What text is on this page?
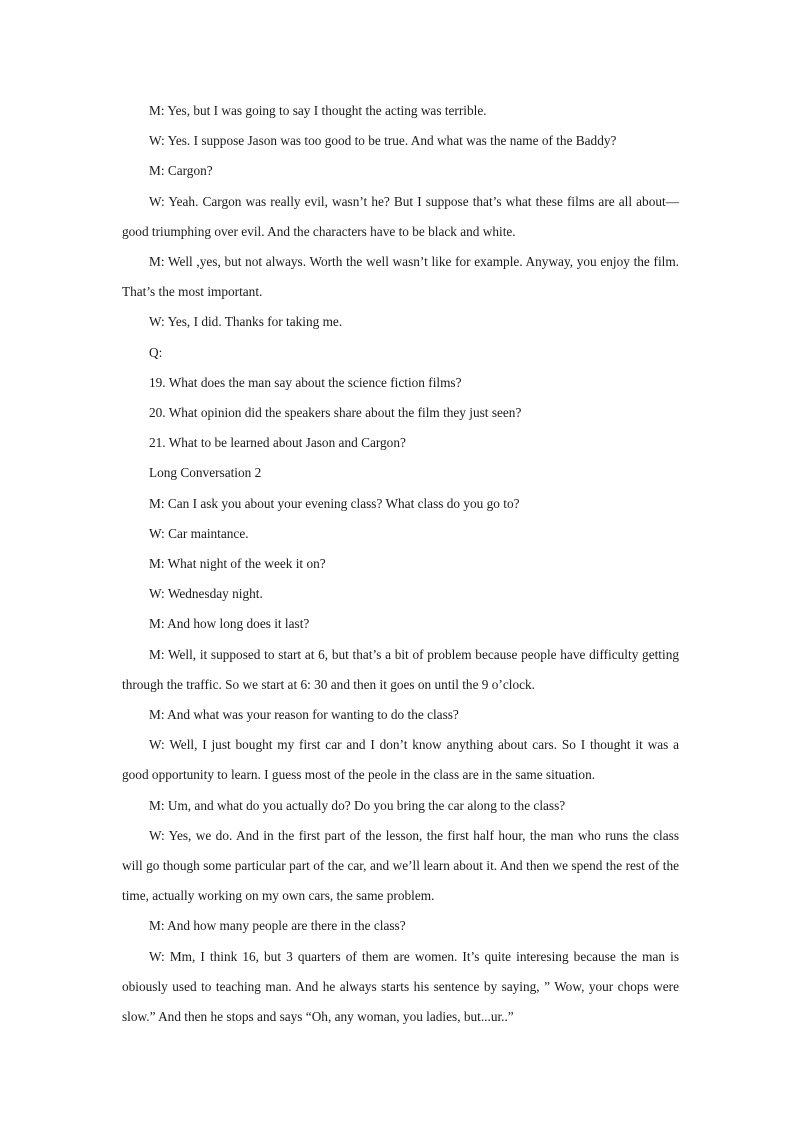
M: Yes, but I was going to say I thought the acting was terrible.

W: Yes. I suppose Jason was too good to be true. And what was the name of the Baddy?

M: Cargon?

W: Yeah. Cargon was really evil, wasn’t he? But I suppose that’s what these films are all about—good triumphing over evil. And the characters have to be black and white.

M: Well ,yes, but not always. Worth the well wasn’t like for example. Anyway, you enjoy the film. That’s the most important.

W: Yes, I did. Thanks for taking me.

Q:

19. What does the man say about the science fiction films?

20. What opinion did the speakers share about the film they just seen?

21. What to be learned about Jason and Cargon?

Long Conversation 2

M: Can I ask you about your evening class? What class do you go to?

W: Car maintance.

M: What night of the week it on?

W: Wednesday night.

M: And how long does it last?

M: Well, it supposed to start at 6, but that’s a bit of problem because people have difficulty getting through the traffic. So we start at 6: 30 and then it goes on until the 9 o’clock.

M: And what was your reason for wanting to do the class?

W: Well, I just bought my first car and I don’t know anything about cars. So I thought it was a good opportunity to learn. I guess most of the peole in the class are in the same situation.

M: Um, and what do you actually do? Do you bring the car along to the class?

W: Yes, we do. And in the first part of the lesson, the first half hour, the man who runs the class will go though some particular part of the car, and we’ll learn about it. And then we spend the rest of the time, actually working on my own cars, the same problem.

M: And how many people are there in the class?

W: Mm, I think 16, but 3 quarters of them are women. It’s quite interesing because the man is obiously used to teaching man. And he always starts his sentence by saying, ” Wow, your chops were slow.” And then he stops and says “Oh, any woman, you ladies, but...ur..”
